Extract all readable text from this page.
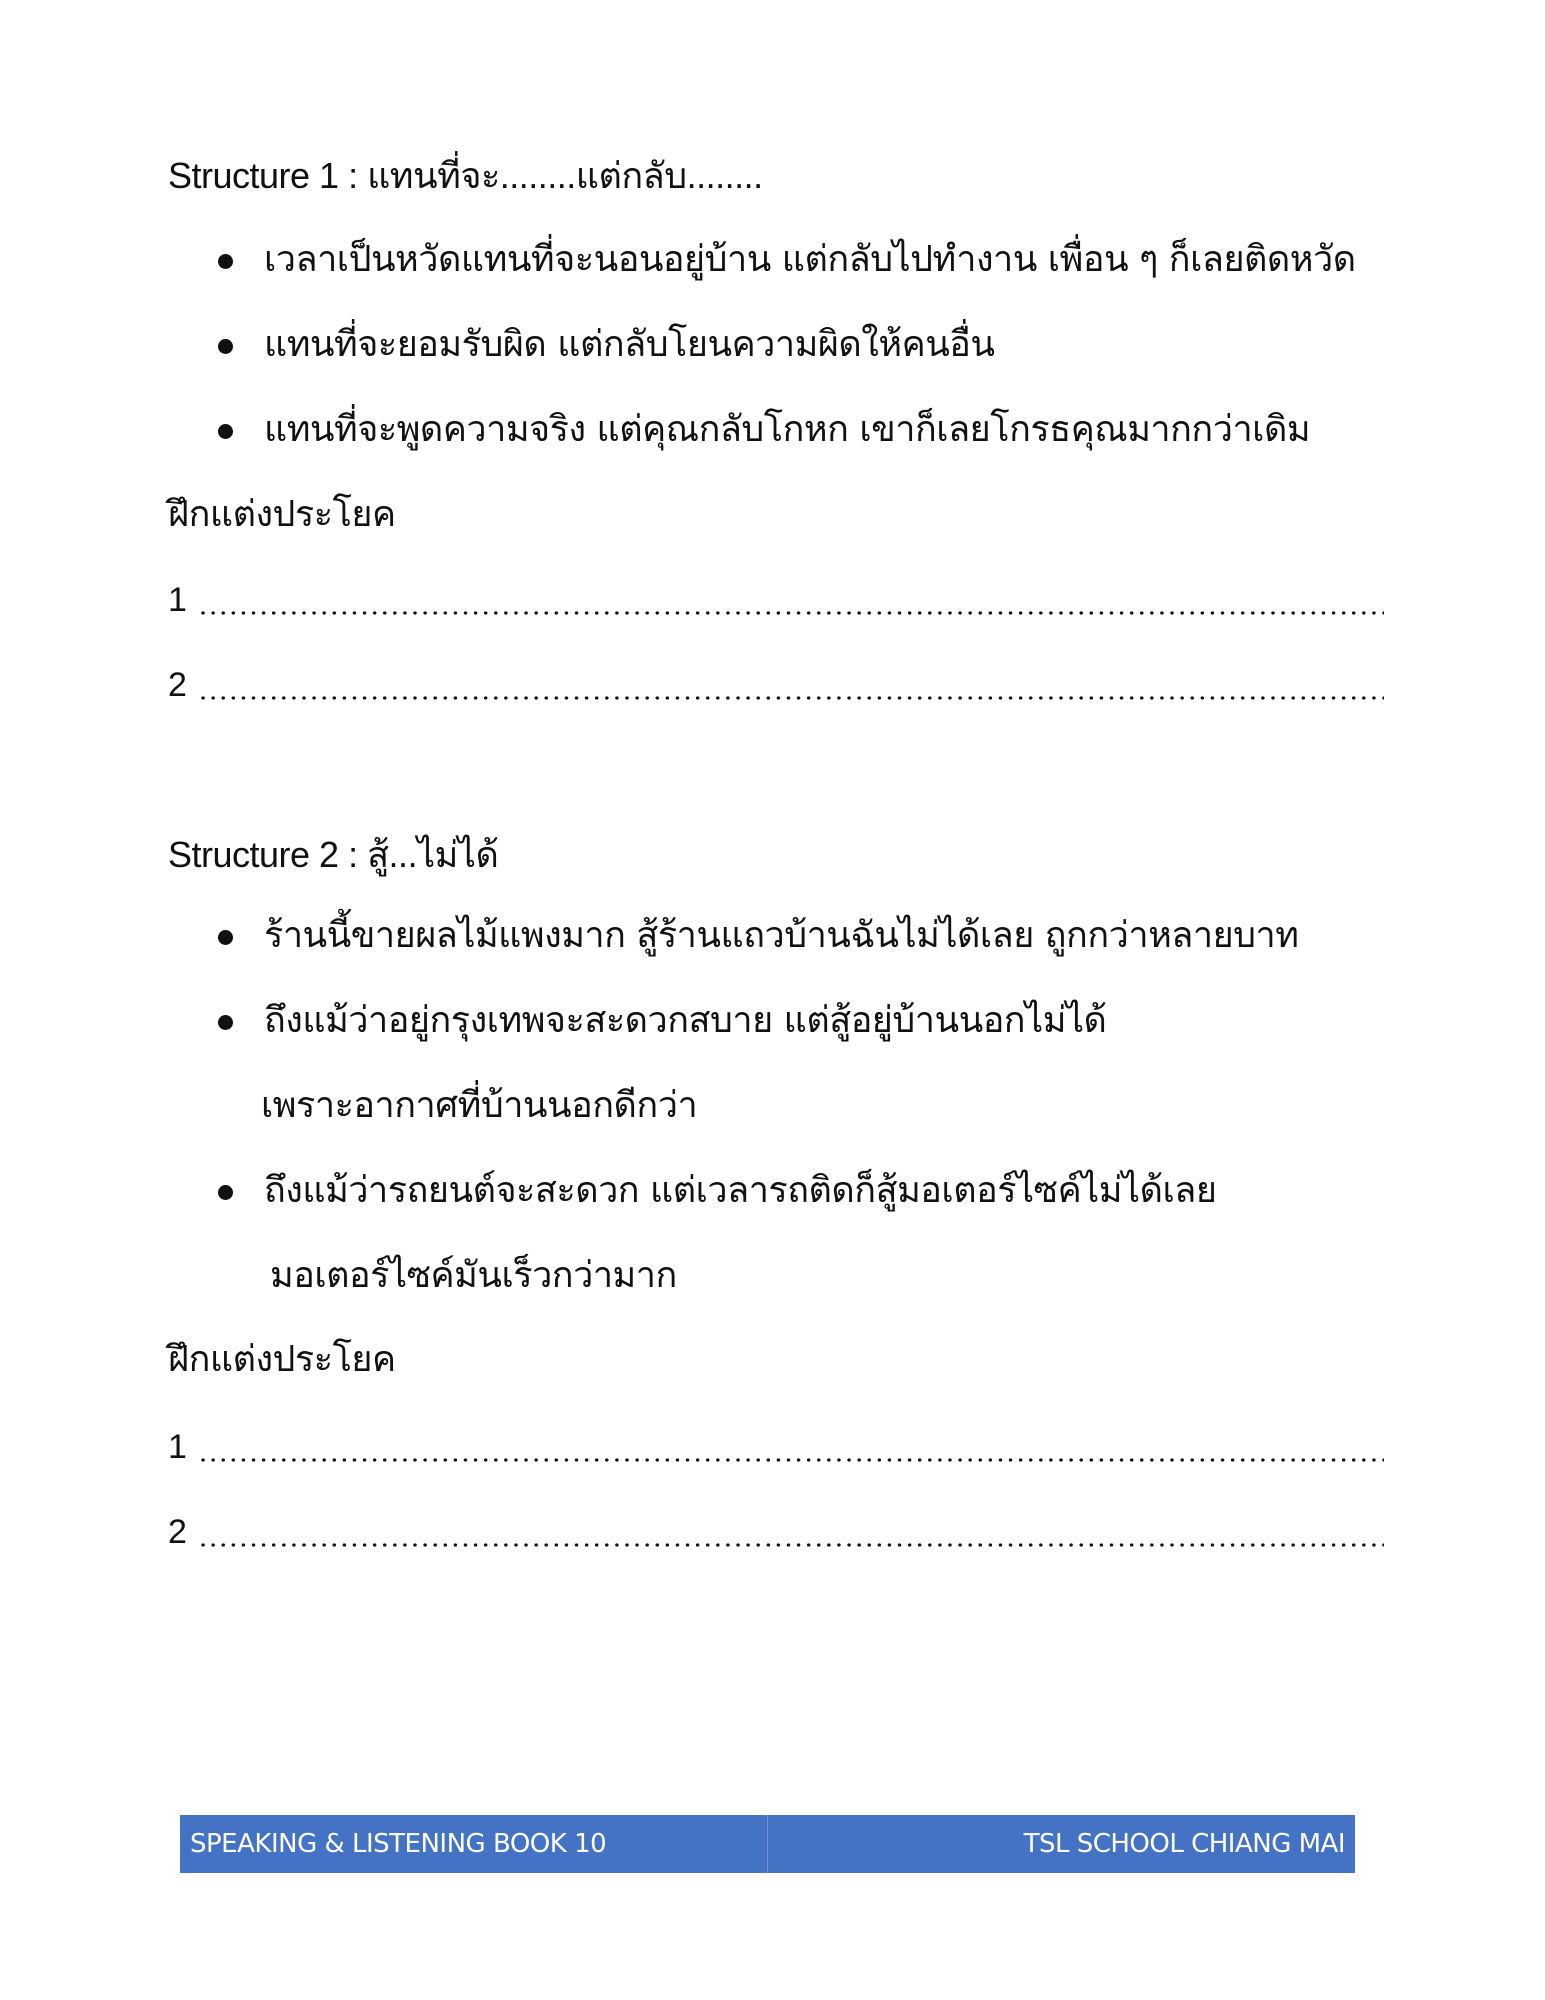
Structure 1 : แทนที่จะ........แต่กลับ........
เวลาเป็นหวัดแทนที่จะนอนอยู่บ้าน แต่กลับไปทำงาน เพื่อน ๆ ก็เลยติดหวัด
แทนที่จะยอมรับผิด แต่กลับโยนความผิดให้คนอื่น
แทนที่จะพูดความจริง แต่คุณกลับโกหก เขาก็เลยโกรธคุณมากกว่าเดิม
ฝึกแต่งประโยค
1
2
Structure 2 : สู้...ไม่ได้
ร้านนี้ขายผลไม้แพงมาก สู้ร้านแถวบ้านฉันไม่ได้เลย ถูกกว่าหลายบาท
ถึงแม้ว่าอยู่กรุงเทพจะสะดวกสบาย แต่สู้อยู่บ้านนอกไม่ได้
เพราะอากาศที่บ้านนอกดีกว่า
ถึงแม้ว่ารถยนต์จะสะดวก แต่เวลารถติดก็สู้มอเตอร์ไซค์ไม่ได้เลย
มอเตอร์ไซค์มันเร็วกว่ามาก
ฝึกแต่งประโยค
1
2
SPEAKING & LISTENING BOOK 10	TSL SCHOOL CHIANG MAI
